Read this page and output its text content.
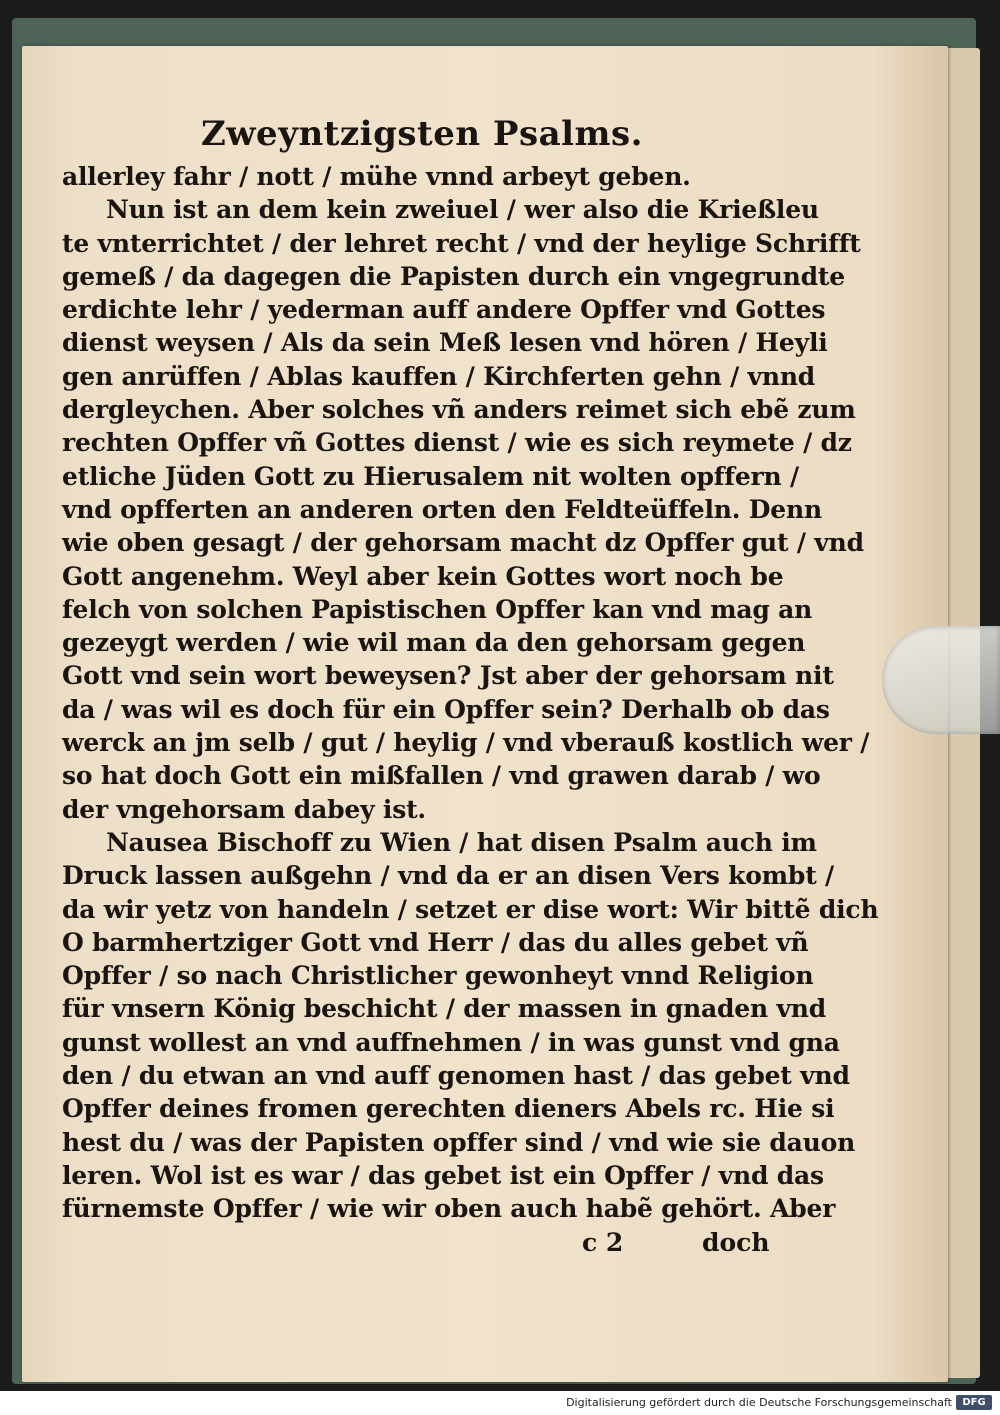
Zweyntzigsten Psalms.
allerley fahr / nott / mühe vnnd arbeyt geben.
Nun ist an dem kein zweiuel / wer also die Krießleu
te vnterrichtet / der lehret recht / vnd der heylige Schrifft
gemeß / da dagegen die Papisten durch ein vngegrundte
erdichte lehr / yederman auff andere Opffer vnd Gottes
dienst weysen / Als da sein Meß lesen vnd hören / Heyli
gen anrüffen / Ablas kauffen / Kirchferten gehn / vnnd
dergleychen. Aber solches vñ anders reimet sich ebẽ zum
rechten Opffer vñ Gottes dienst / wie es sich reymete / dz
etliche Jüden Gott zu Hierusalem nit wolten opffern /
vnd opfferten an anderen orten den Feldteüffeln. Denn
wie oben gesagt / der gehorsam macht dz Opffer gut / vnd
Gott angenehm. Weyl aber kein Gottes wort noch be
felch von solchen Papistischen Opffer kan vnd mag an
gezeygt werden / wie wil man da den gehorsam gegen
Gott vnd sein wort beweysen? Jst aber der gehorsam nit
da / was wil es doch für ein Opffer sein? Derhalb ob das
werck an jm selb / gut / heylig / vnd vberauß kostlich wer /
so hat doch Gott ein mißfallen / vnd grawen darab / wo
der vngehorsam dabey ist.
Nausea Bischoff zu Wien / hat disen Psalm auch im
Druck lassen außgehn / vnd da er an disen Vers kombt /
da wir yetz von handeln / setzet er dise wort: Wir bittẽ dich
O barmhertziger Gott vnd Herr / das du alles gebet vñ
Opffer / so nach Christlicher gewonheyt vnnd Religion
für vnsern König beschicht / der massen in gnaden vnd
gunst wollest an vnd auffnehmen / in was gunst vnd gna
den / du etwan an vnd auff genomen hast / das gebet vnd
Opffer deines fromen gerechten dieners Abels rc. Hie si
hest du / was der Papisten opffer sind / vnd wie sie dauon
leren. Wol ist es war / das gebet ist ein Opffer / vnd das
fürnemste Opffer / wie wir oben auch habẽ gehört. Aber
c 2	doch
Digitalisierung gefördert durch die Deutsche Forschungsgemeinschaft	DFG
